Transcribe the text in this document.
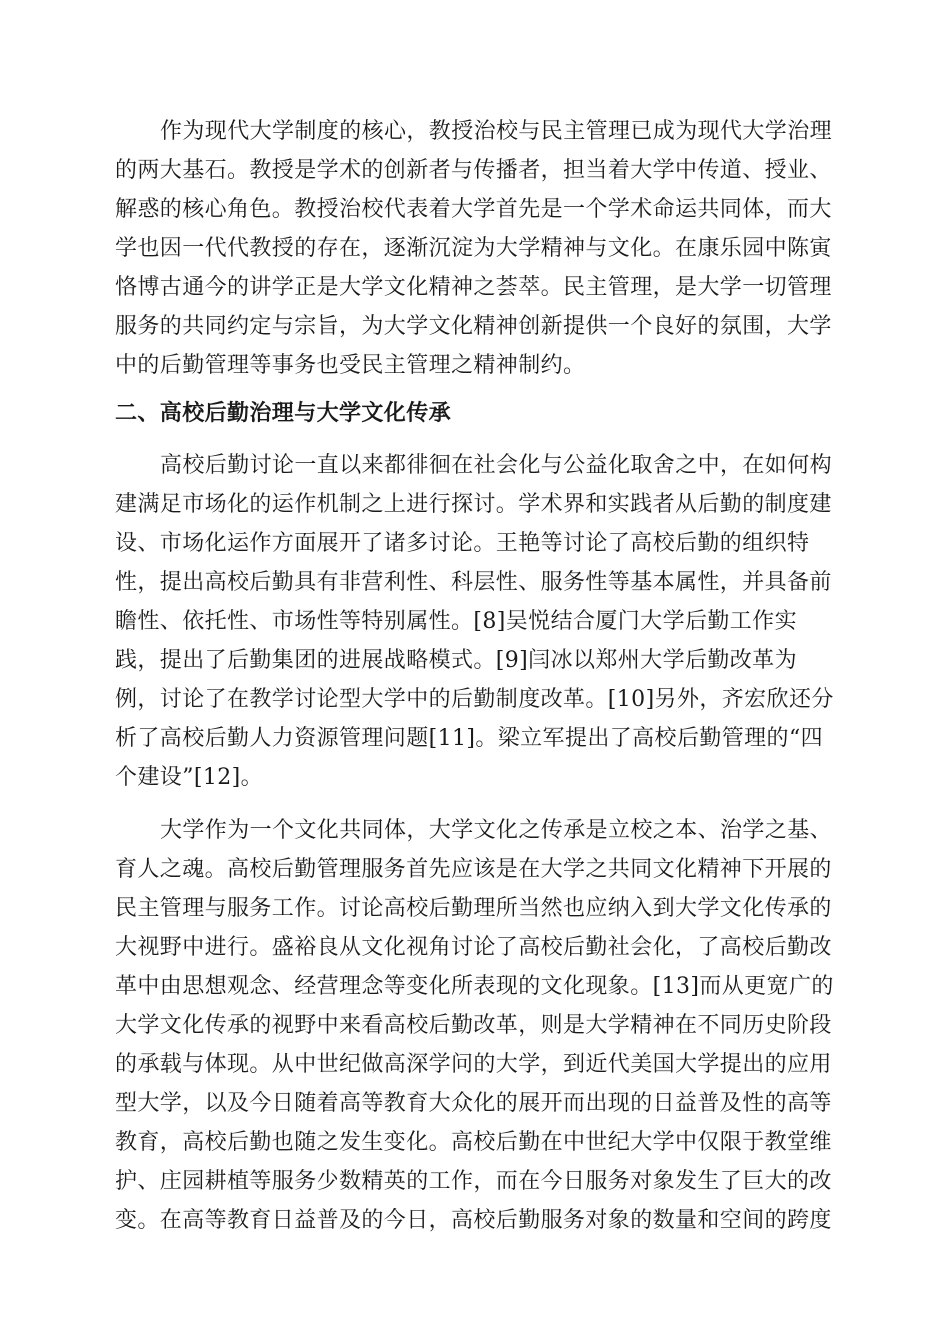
作为现代大学制度的核心，教授治校与民主管理已成为现代大学治理
的两大基石。教授是学术的创新者与传播者，担当着大学中传道、授业、
解惑的核心角色。教授治校代表着大学首先是一个学术命运共同体，而大
学也因一代代教授的存在，逐渐沉淀为大学精神与文化。在康乐园中陈寅
恪博古通今的讲学正是大学文化精神之荟萃。民主管理，是大学一切管理
服务的共同约定与宗旨，为大学文化精神创新提供一个良好的氛围，大学
中的后勤管理等事务也受民主管理之精神制约。
二、高校后勤治理与大学文化传承
高校后勤讨论一直以来都徘徊在社会化与公益化取舍之中，在如何构
建满足市场化的运作机制之上进行探讨。学术界和实践者从后勤的制度建
设、市场化运作方面展开了诸多讨论。王艳等讨论了高校后勤的组织特
性，提出高校后勤具有非营利性、科层性、服务性等基本属性，并具备前
瞻性、依托性、市场性等特别属性。[8]吴悦结合厦门大学后勤工作实
践，提出了后勤集团的进展战略模式。[9]闫冰以郑州大学后勤改革为
例，讨论了在教学讨论型大学中的后勤制度改革。[10]另外，齐宏欣还分
析了高校后勤人力资源管理问题[11]。梁立军提出了高校后勤管理的“四
个建设”[12]。
大学作为一个文化共同体，大学文化之传承是立校之本、治学之基、
育人之魂。高校后勤管理服务首先应该是在大学之共同文化精神下开展的
民主管理与服务工作。讨论高校后勤理所当然也应纳入到大学文化传承的
大视野中进行。盛裕良从文化视角讨论了高校后勤社会化，了高校后勤改
革中由思想观念、经营理念等变化所表现的文化现象。[13]而从更宽广的
大学文化传承的视野中来看高校后勤改革，则是大学精神在不同历史阶段
的承载与体现。从中世纪做高深学问的大学，到近代美国大学提出的应用
型大学，以及今日随着高等教育大众化的展开而出现的日益普及性的高等
教育，高校后勤也随之发生变化。高校后勤在中世纪大学中仅限于教堂维
护、庄园耕植等服务少数精英的工作，而在今日服务对象发生了巨大的改
变。在高等教育日益普及的今日，高校后勤服务对象的数量和空间的跨度
